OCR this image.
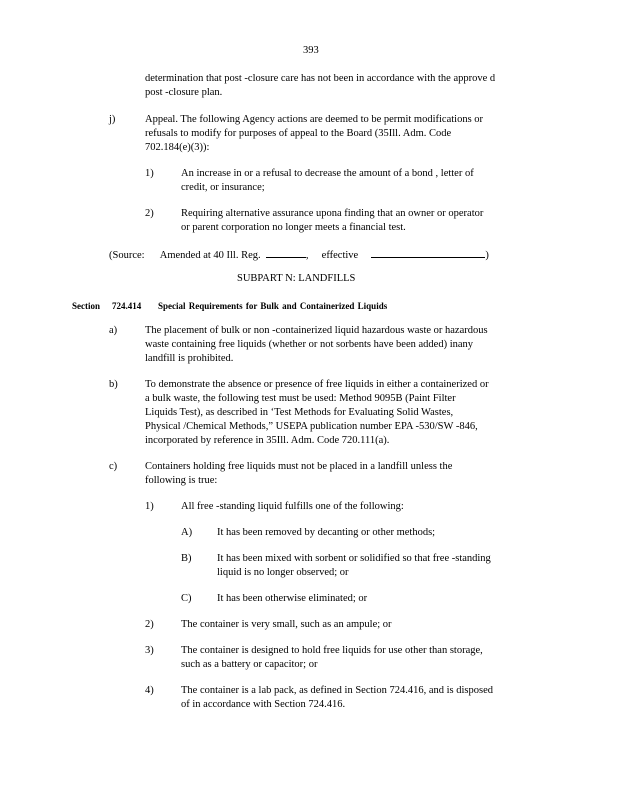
393
determination that post -closure care has not been in accordance with the approve d
post -closure plan.
j)	Appeal. The following Agency actions are deemed to be permit modifications or
refusals to modify for purposes of appeal to the Board (35Ill. Adm. Code
702.184(e)(3)):
1)	An increase in or a refusal to decrease the amount of a bond , letter of
credit, or insurance;
2)	Requiring alternative assurance upona finding that an owner or operator
or parent corporation no longer meets a financial test.
(Source: Amended at 40 Ill. Reg.	, effective	)
SUBPART N: LANDFILLS
Section 724.414 Special Requirements for Bulk and Containerized Liquids
a)	The placement of bulk or non -containerized liquid hazardous waste or hazardous
waste containing free liquids (whether or not sorbents have been added) inany
landfill is prohibited.
b)	To demonstrate the absence or presence of free liquids in either a containerized or
a bulk waste, the following test must be used: Method 9095B (Paint Filter
Liquids Test), as described in ‘Test Methods for Evaluating Solid Wastes,
Physical /Chemical Methods,” USEPA publication number EPA -530/SW -846,
incorporated by reference in 35Ill. Adm. Code 720.111(a).
c)	Containers holding free liquids must not be placed in a landfill unless the
following is true:
1)	All free -standing liquid fulfills one of the following:
A) It has been removed by decanting or other methods;
B) It has been mixed with sorbent or solidified so that free -standing
liquid is no longer observed; or
C) It has been otherwise eliminated; or
2)	The container is very small, such as an ampule; or
3)	The container is designed to hold free liquids for use other than storage,
such as a battery or capacitor; or
4)	The container is a lab pack, as defined in Section 724.416, and is disposed
of in accordance with Section 724.416.
